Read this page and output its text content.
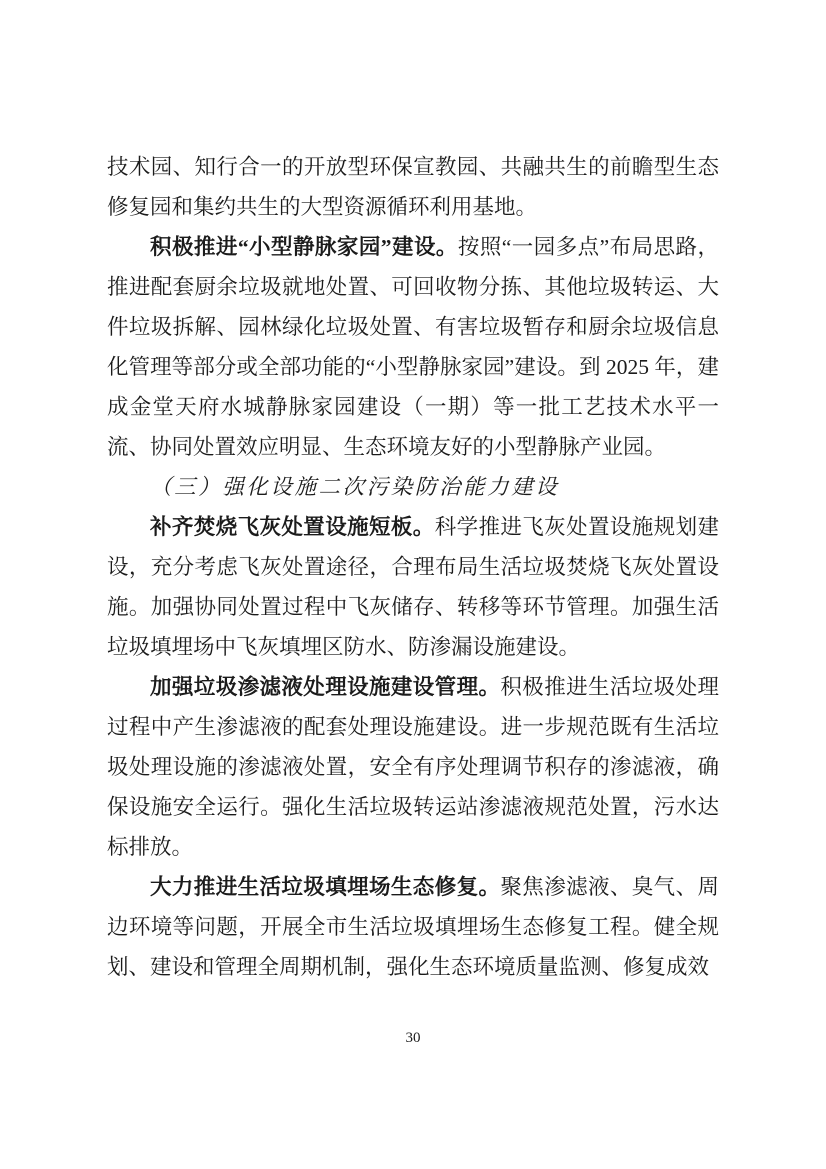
技术园、知行合一的开放型环保宣教园、共融共生的前瞻型生态修复园和集约共生的大型资源循环利用基地。

积极推进“小型静脉家园”建设。按照“一园多点”布局思路，推进配套厨余垃圾就地处置、可回收物分拣、其他垃圾转运、大件垃圾拆解、园林绿化垃圾处置、有害垃圾暂存和厨余垃圾信息化管理等部分或全部功能的“小型静脉家园”建设。到 2025 年，建成金堂天府水城静脉家园建设（一期）等一批工艺技术水平一流、协同处置效应明显、生态环境友好的小型静脉产业园。

（三）强化设施二次污染防治能力建设

补齐焚烧飞灰处置设施短板。科学推进飞灰处置设施规划建设，充分考虑飞灰处置途径，合理布局生活垃圾焚烧飞灰处置设施。加强协同处置过程中飞灰储存、转移等环节管理。加强生活垃圾填埋场中飞灰填埋区防水、防渗漏设施建设。

加强垃圾渗滤液处理设施建设管理。积极推进生活垃圾处理过程中产生渗滤液的配套处理设施建设。进一步规范既有生活垃圾处理设施的渗滤液处置，安全有序处理调节积存的渗滤液，确保设施安全运行。强化生活垃圾转运站渗滤液规范处置，污水达标排放。

大力推进生活垃圾填埋场生态修复。聚焦渗滤液、臭气、周边环境等问题，开展全市生活垃圾填埋场生态修复工程。健全规划、建设和管理全周期机制，强化生态环境质量监测、修复成效

30
